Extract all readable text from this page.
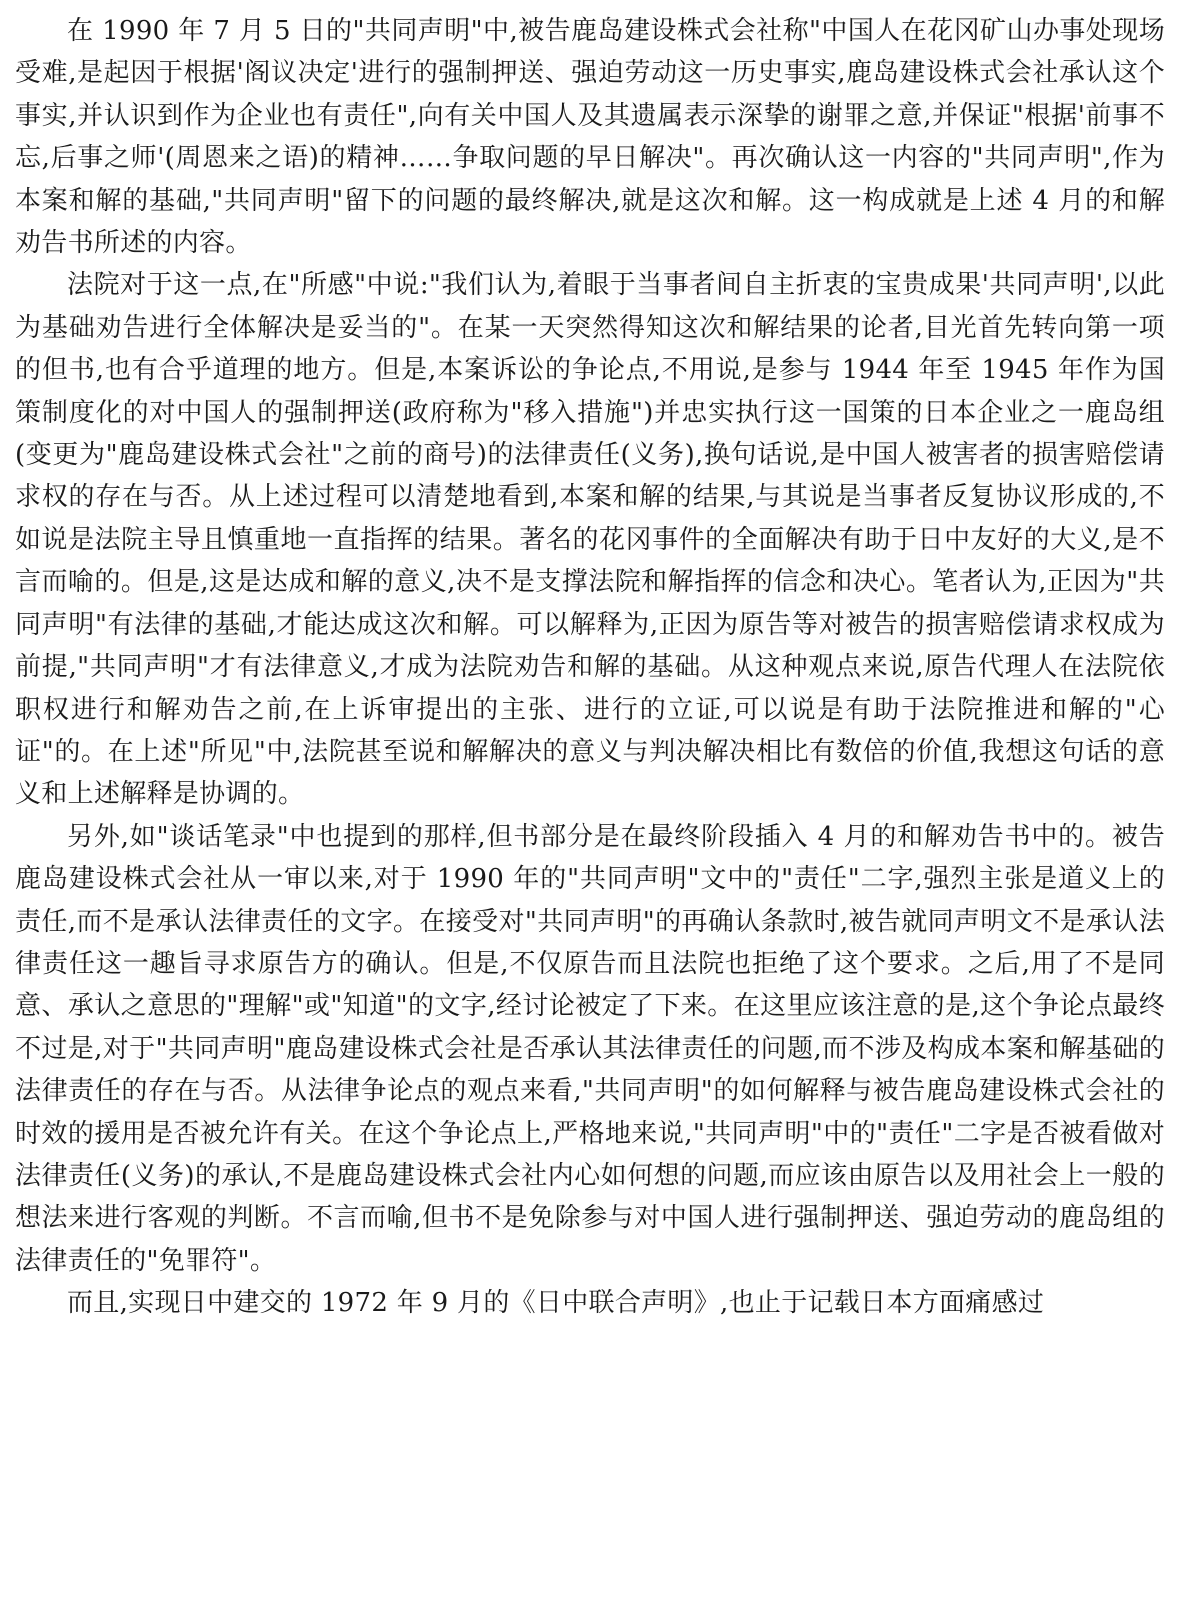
在 1990 年 7 月 5 日的"共同声明"中,被告鹿岛建设株式会社称"中国人在花冈矿山办事处现场受难,是起因于根据'阁议决定'进行的强制押送、强迫劳动这一历史事实,鹿岛建设株式会社承认这个事实,并认识到作为企业也有责任",向有关中国人及其遗属表示深挚的谢罪之意,并保证"根据'前事不忘,后事之师'(周恩来之语)的精神……争取问题的早日解决"。再次确认这一内容的"共同声明",作为本案和解的基础,"共同声明"留下的问题的最终解决,就是这次和解。这一构成就是上述 4 月的和解劝告书所述的内容。

法院对于这一点,在"所感"中说:"我们认为,着眼于当事者间自主折衷的宝贵成果'共同声明',以此为基础劝告进行全体解决是妥当的"。在某一天突然得知这次和解结果的论者,目光首先转向第一项的但书,也有合乎道理的地方。但是,本案诉讼的争论点,不用说,是参与 1944 年至 1945 年作为国策制度化的对中国人的强制押送(政府称为"移入措施")并忠实执行这一国策的日本企业之一鹿岛组(变更为"鹿岛建设株式会社"之前的商号)的法律责任(义务),换句话说,是中国人被害者的损害赔偿请求权的存在与否。从上述过程可以清楚地看到,本案和解的结果,与其说是当事者反复协议形成的,不如说是法院主导且慎重地一直指挥的结果。著名的花冈事件的全面解决有助于日中友好的大义,是不言而喻的。但是,这是达成和解的意义,决不是支撑法院和解指挥的信念和决心。笔者认为,正因为"共同声明"有法律的基础,才能达成这次和解。可以解释为,正因为原告等对被告的损害赔偿请求权成为前提,"共同声明"才有法律意义,才成为法院劝告和解的基础。从这种观点来说,原告代理人在法院依职权进行和解劝告之前,在上诉审提出的主张、进行的立证,可以说是有助于法院推进和解的"心证"的。在上述"所见"中,法院甚至说和解解决的意义与判决解决相比有数倍的价值,我想这句话的意义和上述解释是协调的。

另外,如"谈话笔录"中也提到的那样,但书部分是在最终阶段插入 4 月的和解劝告书中的。被告鹿岛建设株式会社从一审以来,对于 1990 年的"共同声明"文中的"责任"二字,强烈主张是道义上的责任,而不是承认法律责任的文字。在接受对"共同声明"的再确认条款时,被告就同声明文不是承认法律责任这一趣旨寻求原告方的确认。但是,不仅原告而且法院也拒绝了这个要求。之后,用了不是同意、承认之意思的"理解"或"知道"的文字,经讨论被定了下来。在这里应该注意的是,这个争论点最终不过是,对于"共同声明"鹿岛建设株式会社是否承认其法律责任的问题,而不涉及构成本案和解基础的法律责任的存在与否。从法律争论点的观点来看,"共同声明"的如何解释与被告鹿岛建设株式会社的时效的援用是否被允许有关。在这个争论点上,严格地来说,"共同声明"中的"责任"二字是否被看做对法律责任(义务)的承认,不是鹿岛建设株式会社内心如何想的问题,而应该由原告以及用社会上一般的想法来进行客观的判断。不言而喻,但书不是免除参与对中国人进行强制押送、强迫劳动的鹿岛组的法律责任的"免罪符"。

而且,实现日中建交的 1972 年 9 月的《日中联合声明》,也止于记载日本方面痛感过
